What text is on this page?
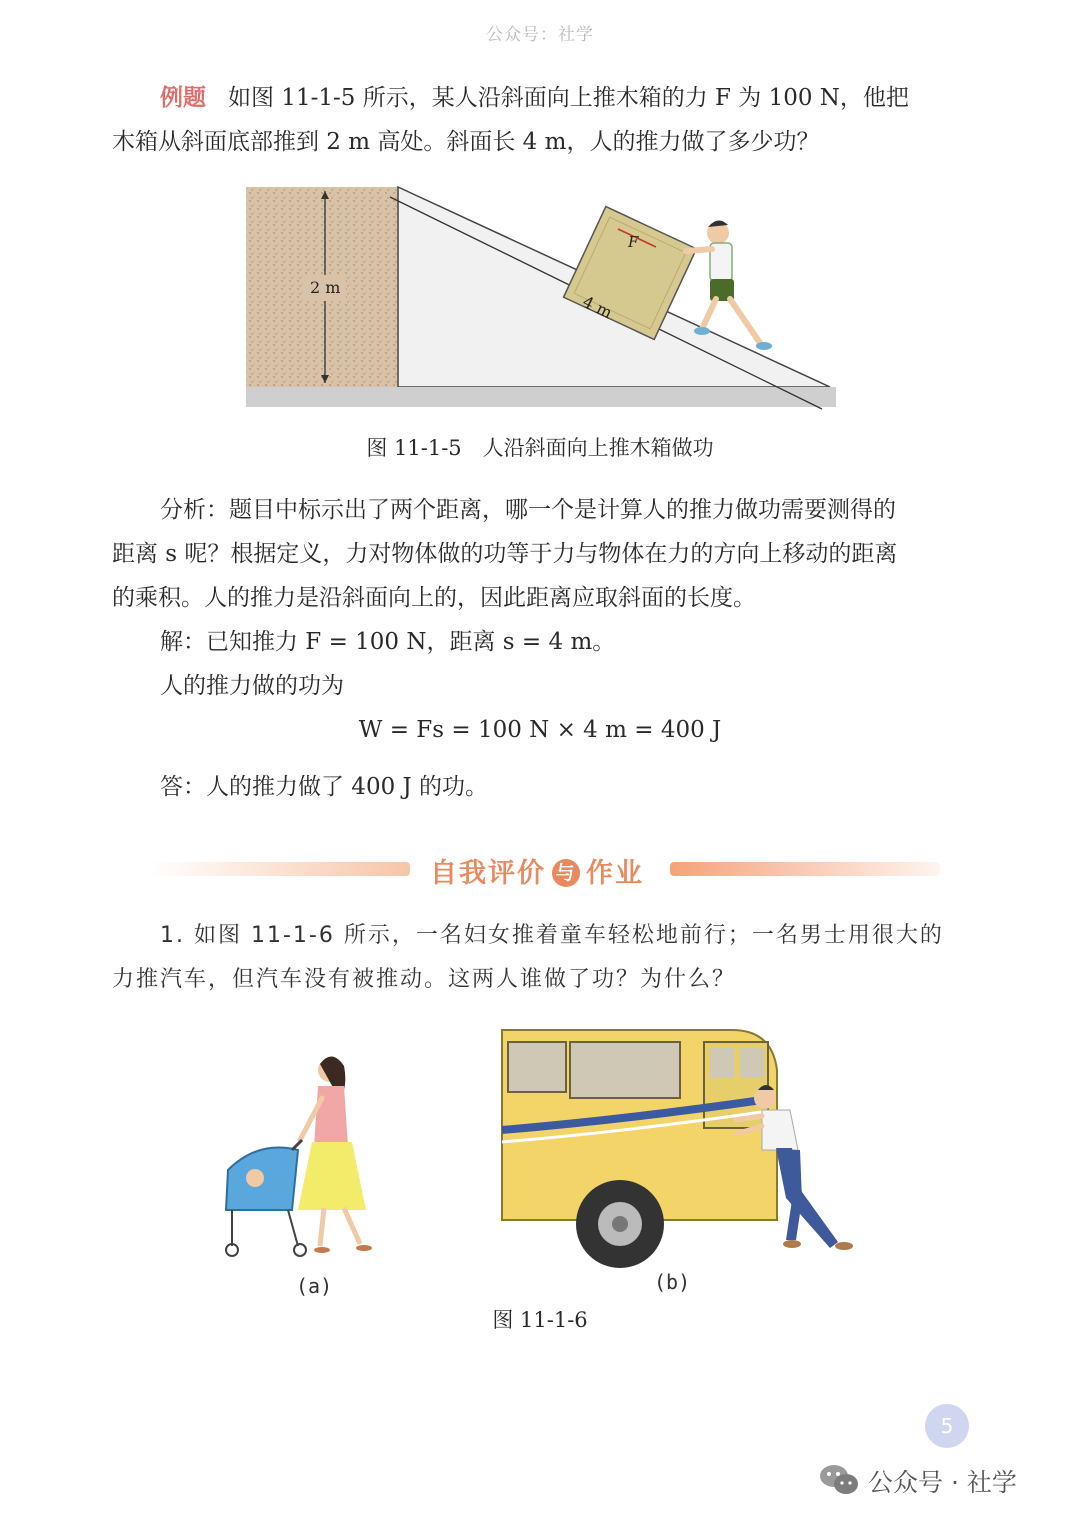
公众号：社学
例题 如图 11-1-5 所示，某人沿斜面向上推木箱的力 F 为 100 N，他把
木箱从斜面底部推到 2 m 高处。斜面长 4 m，人的推力做了多少功？
2 m
4 m
F
图 11-1-5　人沿斜面向上推木箱做功
分析：题目中标示出了两个距离，哪一个是计算人的推力做功需要测得的
距离 s 呢？根据定义，力对物体做的功等于力与物体在力的方向上移动的距离
的乘积。人的推力是沿斜面向上的，因此距离应取斜面的长度。
解：已知推力 F = 100 N，距离 s = 4 m。
人的推力做的功为
W = Fs = 100 N × 4 m = 400 J
答：人的推力做了 400 J 的功。
自我评价 与 作业
1. 如图 11-1-6 所示，一名妇女推着童车轻松地前行；一名男士用很大的
力推汽车，但汽车没有被推动。这两人谁做了功？为什么？
(a)	(b)
图 11-1-6
5
公众号 · 社学
